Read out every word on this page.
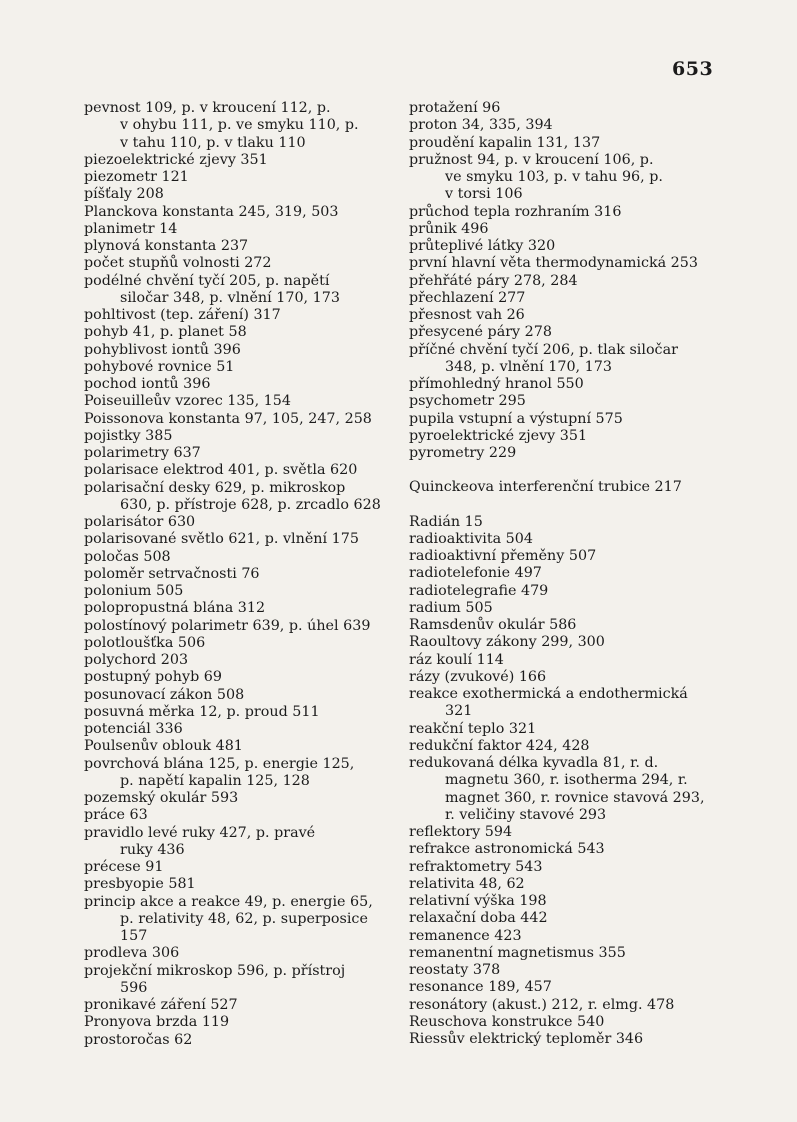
653
pevnost 109, p. v kroucení 112, p.
v ohybu 111, p. ve smyku 110, p.
v tahu 110, p. v tlaku 110
piezoelektrické zjevy 351
piezometr 121
píšťaly 208
Planckova konstanta 245, 319, 503
planimetr 14
plynová konstanta 237
počet stupňů volnosti 272
podélné chvění tyčí 205, p. napětí
siločar 348, p. vlnění 170, 173
pohltivost (tep. záření) 317
pohyb 41, p. planet 58
pohyblivost iontů 396
pohybové rovnice 51
pochod iontů 396
Poiseuilleův vzorec 135, 154
Poissonova konstanta 97, 105, 247, 258
pojistky 385
polarimetry 637
polarisace elektrod 401, p. světla 620
polarisační desky 629, p. mikroskop
630, p. přístroje 628, p. zrcadlo 628
polarisátor 630
polarisované světlo 621, p. vlnění 175
poločas 508
poloměr setrvačnosti 76
polonium 505
polopropustná blána 312
polostínový polarimetr 639, p. úhel 639
polotloušťka 506
polychord 203
postupný pohyb 69
posunovací zákon 508
posuvná měrka 12, p. proud 511
potenciál 336
Poulsenův oblouk 481
povrchová blána 125, p. energie 125,
p. napětí kapalin 125, 128
pozemský okulár 593
práce 63
pravidlo levé ruky 427, p. pravé
ruky 436
précese 91
presbyopie 581
princip akce a reakce 49, p. energie 65,
p. relativity 48, 62, p. superposice
157
prodleva 306
projekční mikroskop 596, p. přístroj
596
pronikavé záření 527
Pronyova brzda 119
prostoročas 62
protažení 96
proton 34, 335, 394
proudění kapalin 131, 137
pružnost 94, p. v kroucení 106, p.
ve smyku 103, p. v tahu 96, p.
v torsi 106
průchod tepla rozhraním 316
průnik 496
průteplivé látky 320
první hlavní věta thermodynamická 253
přehřáté páry 278, 284
přechlazení 277
přesnost vah 26
přesycené páry 278
příčné chvění tyčí 206, p. tlak siločar
348, p. vlnění 170, 173
přímohledný hranol 550
psychometr 295
pupila vstupní a výstupní 575
pyroelektrické zjevy 351
pyrometry 229
Quinckeova interferenční trubice 217
Radián 15
radioaktivita 504
radioaktivní přeměny 507
radiotelefonie 497
radiotelegrafie 479
radium 505
Ramsdenův okulár 586
Raoultovy zákony 299, 300
ráz koulí 114
rázy (zvukové) 166
reakce exothermická a endothermická
321
reakční teplo 321
redukční faktor 424, 428
redukovaná délka kyvadla 81, r. d.
magnetu 360, r. isotherma 294, r.
magnet 360, r. rovnice stavová 293,
r. veličiny stavové 293
reflektory 594
refrakce astronomická 543
refraktometry 543
relativita 48, 62
relativní výška 198
relaxační doba 442
remanence 423
remanentní magnetismus 355
reostaty 378
resonance 189, 457
resonátory (akust.) 212, r. elmg. 478
Reuschova konstrukce 540
Riessův elektrický teploměr 346
